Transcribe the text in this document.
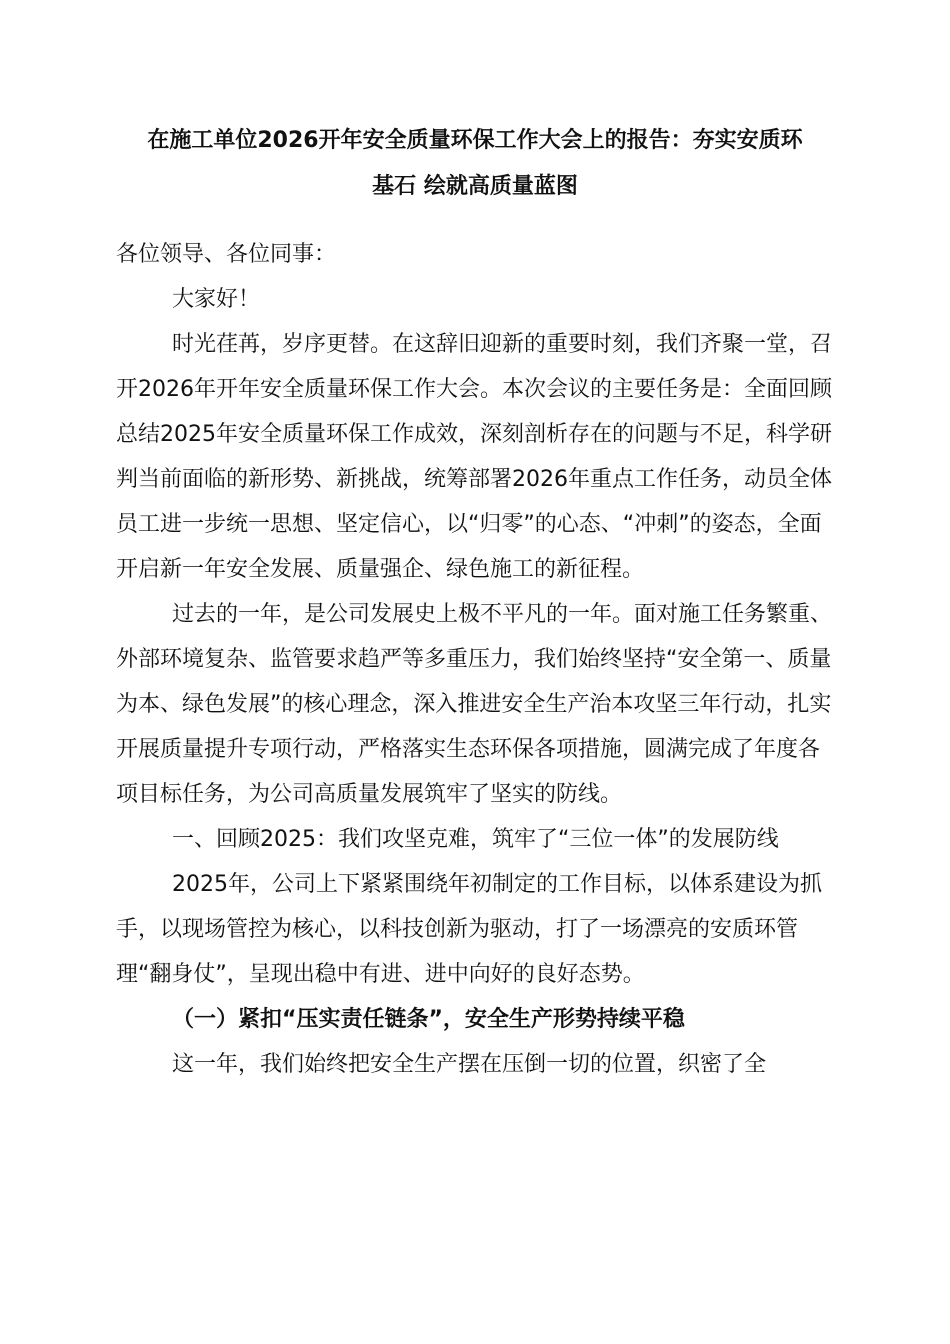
在施工单位2026开年安全质量环保工作大会上的报告：夯实安质环
基石 绘就高质量蓝图

各位领导、各位同事：

大家好！

时光荏苒，岁序更替。在这辞旧迎新的重要时刻，我们齐聚一堂，召开2026年开年安全质量环保工作大会。本次会议的主要任务是：全面回顾总结2025年安全质量环保工作成效，深刻剖析存在的问题与不足，科学研判当前面临的新形势、新挑战，统筹部署2026年重点工作任务，动员全体员工进一步统一思想、坚定信心，以“归零”的心态、“冲刺”的姿态，全面开启新一年安全发展、质量强企、绿色施工的新征程。

过去的一年，是公司发展史上极不平凡的一年。面对施工任务繁重、外部环境复杂、监管要求趋严等多重压力，我们始终坚持“安全第一、质量为本、绿色发展”的核心理念，深入推进安全生产治本攻坚三年行动，扎实开展质量提升专项行动，严格落实生态环保各项措施，圆满完成了年度各项目标任务，为公司高质量发展筑牢了坚实的防线。

一、回顾2025：我们攻坚克难，筑牢了“三位一体”的发展防线

2025年，公司上下紧紧围绕年初制定的工作目标，以体系建设为抓手，以现场管控为核心，以科技创新为驱动，打了一场漂亮的安质环管理“翻身仗”，呈现出稳中有进、进中向好的良好态势。

（一）紧扣“压实责任链条”，安全生产形势持续平稳

这一年，我们始终把安全生产摆在压倒一切的位置，织密了全
